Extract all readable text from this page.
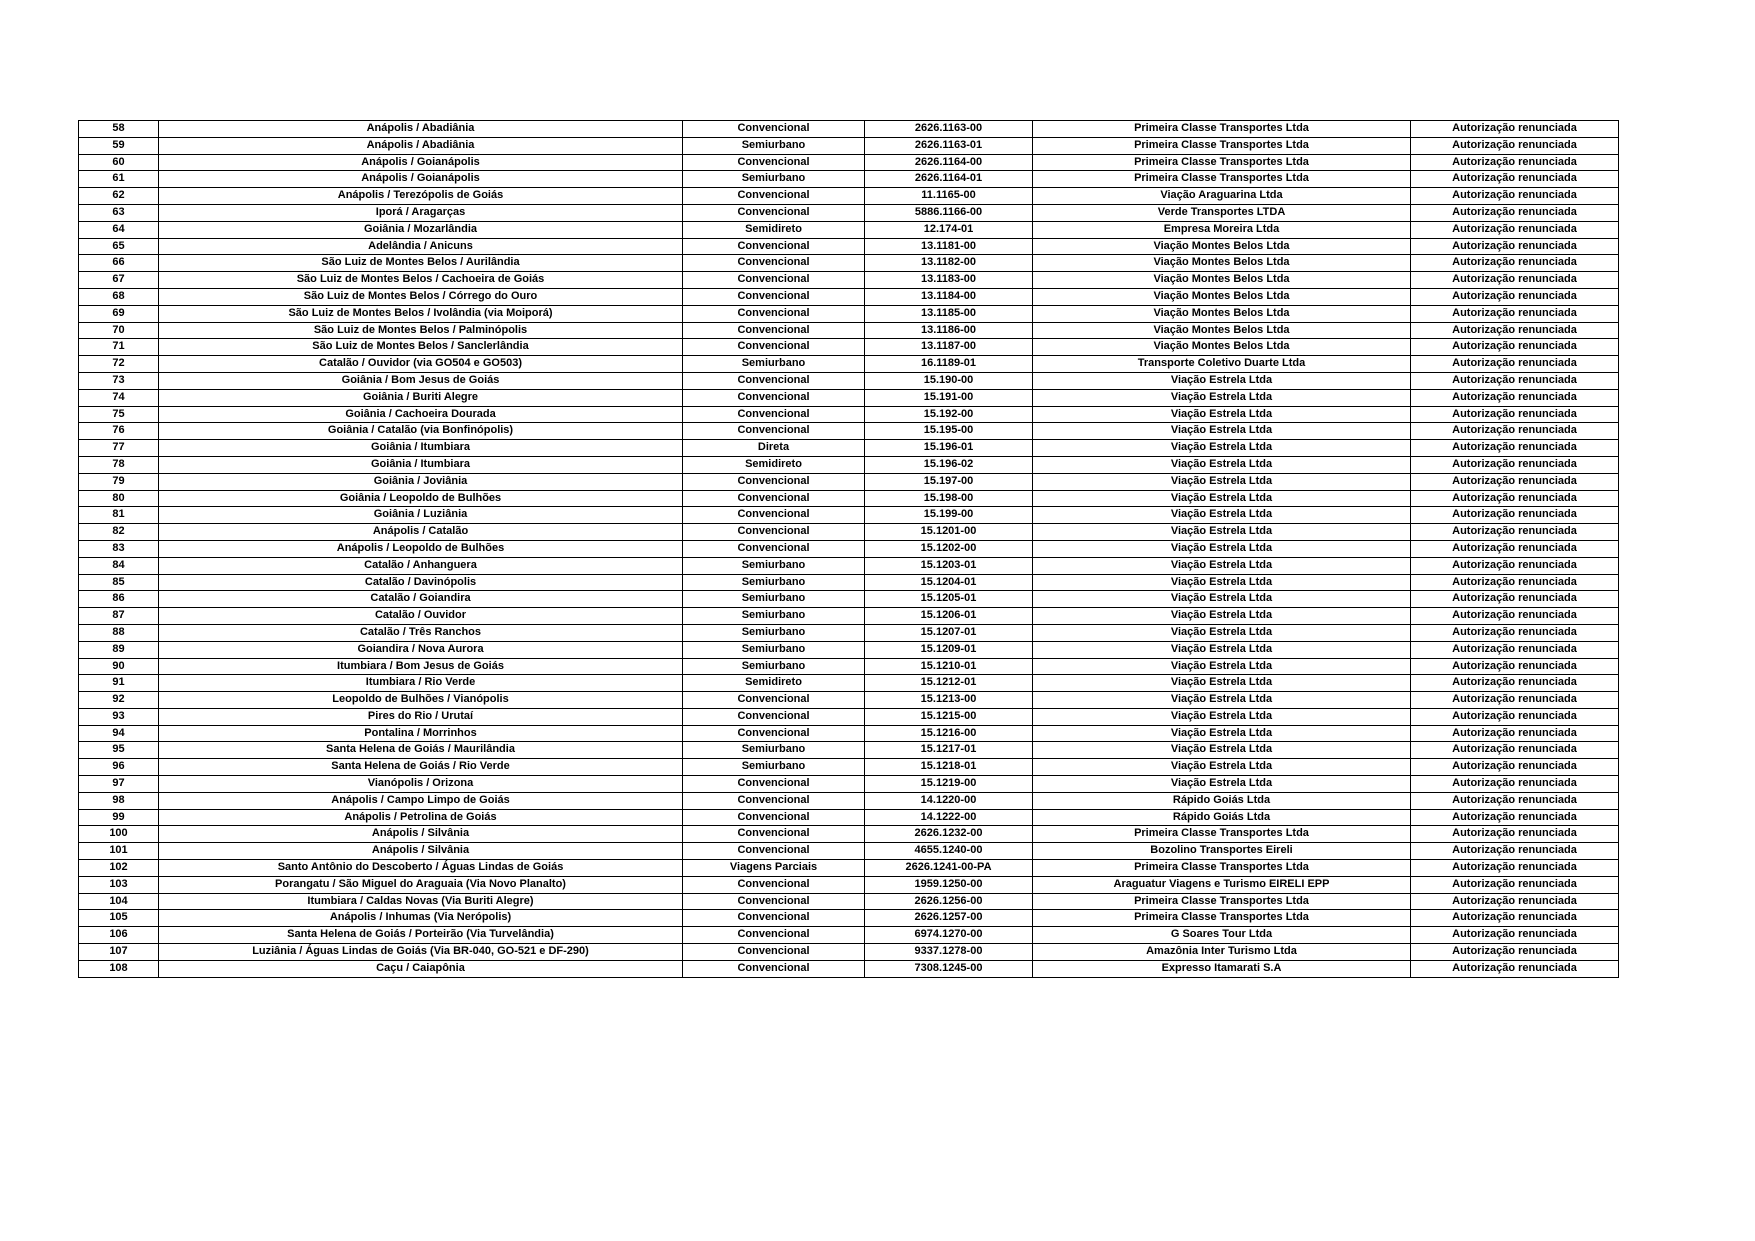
58	Anápolis / Abadiânia	Convencional	2626.1163-00	Primeira Classe Transportes Ltda	Autorização renunciada
59	Anápolis / Abadiânia	Semiurbano	2626.1163-01	Primeira Classe Transportes Ltda	Autorização renunciada
60	Anápolis / Goianápolis	Convencional	2626.1164-00	Primeira Classe Transportes Ltda	Autorização renunciada
61	Anápolis / Goianápolis	Semiurbano	2626.1164-01	Primeira Classe Transportes Ltda	Autorização renunciada
62	Anápolis / Terezópolis de Goiás	Convencional	11.1165-00	Viação Araguarina Ltda	Autorização renunciada
63	Iporá / Aragarças	Convencional	5886.1166-00	Verde Transportes LTDA	Autorização renunciada
64	Goiânia / Mozarlândia	Semidireto	12.174-01	Empresa Moreira Ltda	Autorização renunciada
65	Adelândia / Anicuns	Convencional	13.1181-00	Viação Montes Belos Ltda	Autorização renunciada
66	São Luiz de Montes Belos / Aurilândia	Convencional	13.1182-00	Viação Montes Belos Ltda	Autorização renunciada
67	São Luiz de Montes Belos / Cachoeira de Goiás	Convencional	13.1183-00	Viação Montes Belos Ltda	Autorização renunciada
68	São Luiz de Montes Belos / Córrego do Ouro	Convencional	13.1184-00	Viação Montes Belos Ltda	Autorização renunciada
69	São Luiz de Montes Belos / Ivolândia (via Moiporá)	Convencional	13.1185-00	Viação Montes Belos Ltda	Autorização renunciada
70	São Luiz de Montes Belos / Palminópolis	Convencional	13.1186-00	Viação Montes Belos Ltda	Autorização renunciada
71	São Luiz de Montes Belos / Sanclerlândia	Convencional	13.1187-00	Viação Montes Belos Ltda	Autorização renunciada
72	Catalão / Ouvidor (via GO504 e GO503)	Semiurbano	16.1189-01	Transporte Coletivo Duarte Ltda	Autorização renunciada
73	Goiânia / Bom Jesus de Goiás	Convencional	15.190-00	Viação Estrela Ltda	Autorização renunciada
74	Goiânia / Buriti Alegre	Convencional	15.191-00	Viação Estrela Ltda	Autorização renunciada
75	Goiânia / Cachoeira Dourada	Convencional	15.192-00	Viação Estrela Ltda	Autorização renunciada
76	Goiânia / Catalão (via Bonfinópolis)	Convencional	15.195-00	Viação Estrela Ltda	Autorização renunciada
77	Goiânia / Itumbiara	Direta	15.196-01	Viação Estrela Ltda	Autorização renunciada
78	Goiânia / Itumbiara	Semidireto	15.196-02	Viação Estrela Ltda	Autorização renunciada
79	Goiânia / Joviânia	Convencional	15.197-00	Viação Estrela Ltda	Autorização renunciada
80	Goiânia / Leopoldo de Bulhões	Convencional	15.198-00	Viação Estrela Ltda	Autorização renunciada
81	Goiânia / Luziânia	Convencional	15.199-00	Viação Estrela Ltda	Autorização renunciada
82	Anápolis / Catalão	Convencional	15.1201-00	Viação Estrela Ltda	Autorização renunciada
83	Anápolis / Leopoldo de Bulhões	Convencional	15.1202-00	Viação Estrela Ltda	Autorização renunciada
84	Catalão / Anhanguera	Semiurbano	15.1203-01	Viação Estrela Ltda	Autorização renunciada
85	Catalão / Davinópolis	Semiurbano	15.1204-01	Viação Estrela Ltda	Autorização renunciada
86	Catalão / Goiandira	Semiurbano	15.1205-01	Viação Estrela Ltda	Autorização renunciada
87	Catalão / Ouvidor	Semiurbano	15.1206-01	Viação Estrela Ltda	Autorização renunciada
88	Catalão / Três Ranchos	Semiurbano	15.1207-01	Viação Estrela Ltda	Autorização renunciada
89	Goiandira / Nova Aurora	Semiurbano	15.1209-01	Viação Estrela Ltda	Autorização renunciada
90	Itumbiara / Bom Jesus de Goiás	Semiurbano	15.1210-01	Viação Estrela Ltda	Autorização renunciada
91	Itumbiara / Rio Verde	Semidireto	15.1212-01	Viação Estrela Ltda	Autorização renunciada
92	Leopoldo de Bulhões / Vianópolis	Convencional	15.1213-00	Viação Estrela Ltda	Autorização renunciada
93	Pires do Rio / Urutaí	Convencional	15.1215-00	Viação Estrela Ltda	Autorização renunciada
94	Pontalina / Morrinhos	Convencional	15.1216-00	Viação Estrela Ltda	Autorização renunciada
95	Santa Helena de Goiás / Maurilândia	Semiurbano	15.1217-01	Viação Estrela Ltda	Autorização renunciada
96	Santa Helena de Goiás / Rio Verde	Semiurbano	15.1218-01	Viação Estrela Ltda	Autorização renunciada
97	Vianópolis / Orizona	Convencional	15.1219-00	Viação Estrela Ltda	Autorização renunciada
98	Anápolis / Campo Limpo de Goiás	Convencional	14.1220-00	Rápido Goiás Ltda	Autorização renunciada
99	Anápolis / Petrolina de Goiás	Convencional	14.1222-00	Rápido Goiás Ltda	Autorização renunciada
100	Anápolis / Silvânia	Convencional	2626.1232-00	Primeira Classe Transportes Ltda	Autorização renunciada
101	Anápolis / Silvânia	Convencional	4655.1240-00	Bozolino Transportes Eireli	Autorização renunciada
102	Santo Antônio do Descoberto / Águas Lindas de Goiás	Viagens Parciais	2626.1241-00-PA	Primeira Classe Transportes Ltda	Autorização renunciada
103	Porangatu / São Miguel do Araguaia (Via Novo Planalto)	Convencional	1959.1250-00	Araguatur Viagens e Turismo EIRELI EPP	Autorização renunciada
104	Itumbiara / Caldas Novas (Via Buriti Alegre)	Convencional	2626.1256-00	Primeira Classe Transportes Ltda	Autorização renunciada
105	Anápolis / Inhumas (Via Nerópolis)	Convencional	2626.1257-00	Primeira Classe Transportes Ltda	Autorização renunciada
106	Santa Helena de Goiás / Porteirão (Via Turvelândia)	Convencional	6974.1270-00	G Soares Tour Ltda	Autorização renunciada
107	Luziânia / Águas Lindas de Goiás (Via BR-040, GO-521 e DF-290)	Convencional	9337.1278-00	Amazônia Inter Turismo Ltda	Autorização renunciada
108	Caçu / Caiapônia	Convencional	7308.1245-00	Expresso Itamarati S.A	Autorização renunciada
